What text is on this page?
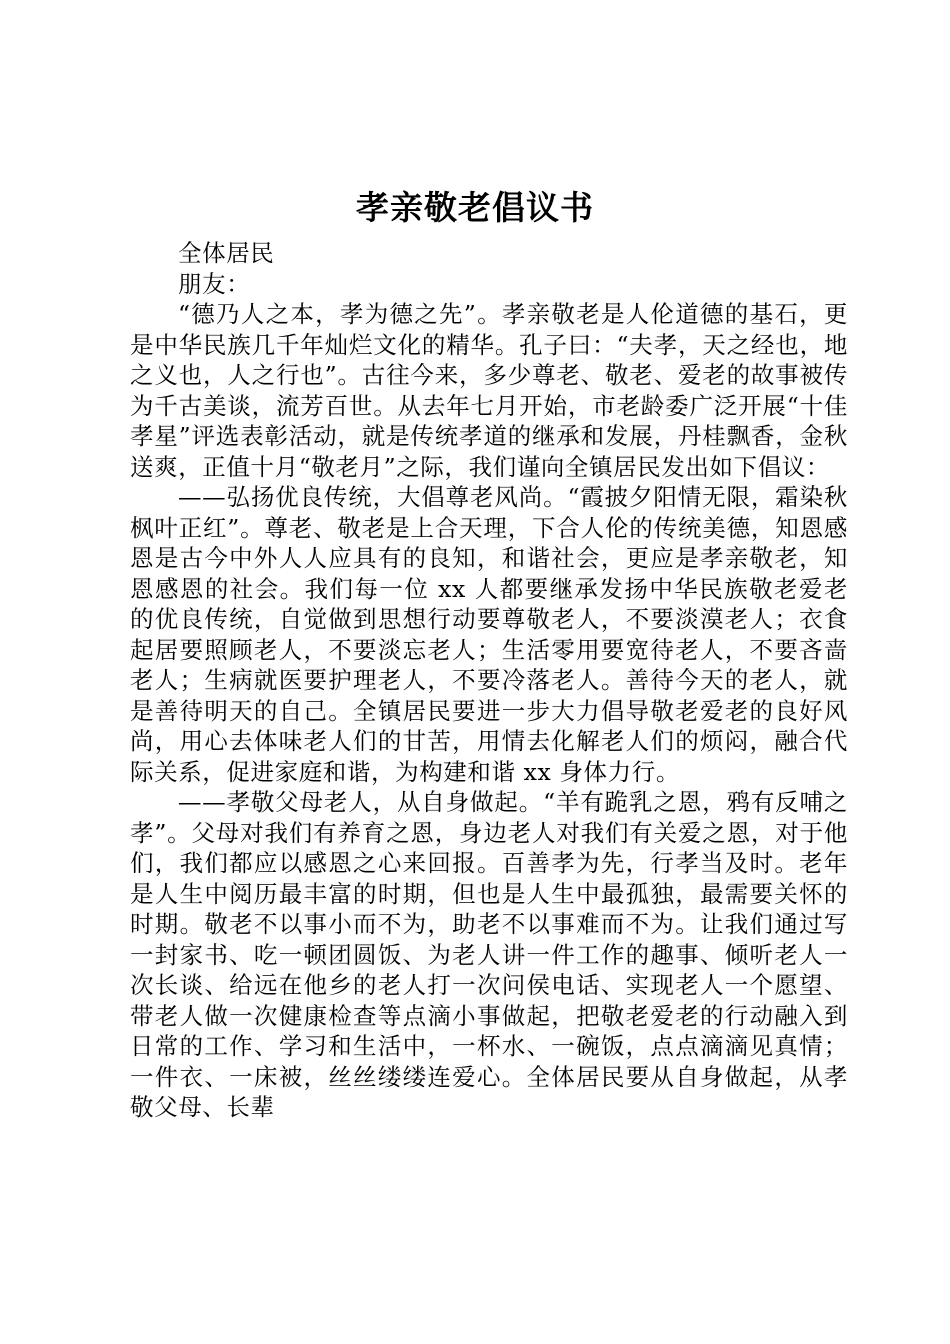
孝亲敬老倡议书

全体居民

朋友：

“德乃人之本，孝为德之先”。孝亲敬老是人伦道德的基石，更是中华民族几千年灿烂文化的精华。孔子曰：“夫孝，天之经也，地之义也，人之行也”。古往今来，多少尊老、敬老、爱老的故事被传为千古美谈，流芳百世。从去年七月开始，市老龄委广泛开展“十佳孝星”评选表彰活动，就是传统孝道的继承和发展，丹桂飘香，金秋送爽，正值十月“敬老月”之际，我们谨向全镇居民发出如下倡议：

——弘扬优良传统，大倡尊老风尚。“霞披夕阳情无限，霜染秋枫叶正红”。尊老、敬老是上合天理，下合人伦的传统美德，知恩感恩是古今中外人人应具有的良知，和谐社会，更应是孝亲敬老，知恩感恩的社会。我们每一位 xx 人都要继承发扬中华民族敬老爱老的优良传统，自觉做到思想行动要尊敬老人，不要淡漠老人；衣食起居要照顾老人，不要淡忘老人；生活零用要宽待老人，不要吝啬老人；生病就医要护理老人，不要冷落老人。善待今天的老人，就是善待明天的自己。全镇居民要进一步大力倡导敬老爱老的良好风尚，用心去体味老人们的甘苦，用情去化解老人们的烦闷，融合代际关系，促进家庭和谐，为构建和谐 xx 身体力行。

——孝敬父母老人，从自身做起。“羊有跪乳之恩，鸦有反哺之孝”。父母对我们有养育之恩，身边老人对我们有关爱之恩，对于他们，我们都应以感恩之心来回报。百善孝为先，行孝当及时。老年是人生中阅历最丰富的时期，但也是人生中最孤独，最需要关怀的时期。敬老不以事小而不为，助老不以事难而不为。让我们通过写一封家书、吃一顿团圆饭、为老人讲一件工作的趣事、倾听老人一次长谈、给远在他乡的老人打一次问侯电话、实现老人一个愿望、带老人做一次健康检查等点滴小事做起，把敬老爱老的行动融入到日常的工作、学习和生活中，一杯水、一碗饭，点点滴滴见真情；一件衣、一床被，丝丝缕缕连爱心。全体居民要从自身做起，从孝敬父母、长辈
